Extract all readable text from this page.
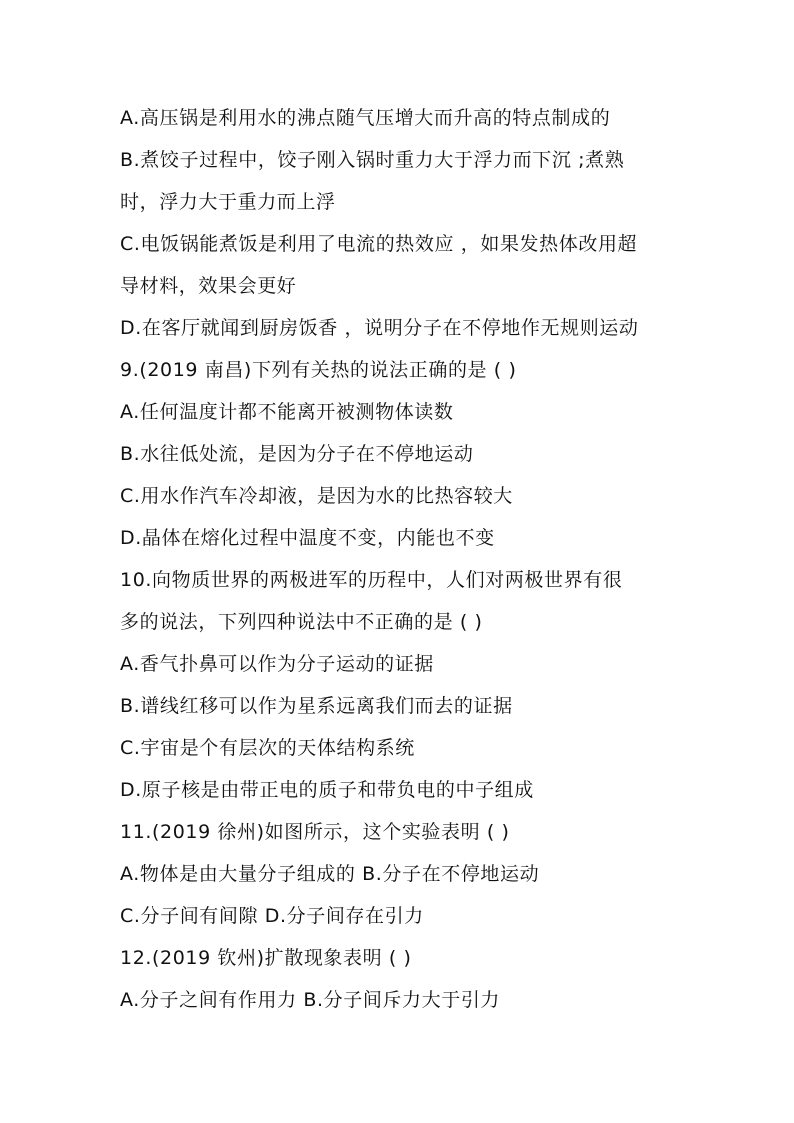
A.高压锅是利用水的沸点随气压增大而升高的特点制成的
B.煮饺子过程中，饺子刚入锅时重力大于浮力而下沉 ;煮熟
时，浮力大于重力而上浮
C.电饭锅能煮饭是利用了电流的热效应 ，如果发热体改用超
导材料，效果会更好
D.在客厅就闻到厨房饭香 ，说明分子在不停地作无规则运动
9.(2019 南昌)下列有关热的说法正确的是 ( )
A.任何温度计都不能离开被测物体读数
B.水往低处流，是因为分子在不停地运动
C.用水作汽车冷却液，是因为水的比热容较大
D.晶体在熔化过程中温度不变，内能也不变
10.向物质世界的两极进军的历程中，人们对两极世界有很
多的说法，下列四种说法中不正确的是 ( )
A.香气扑鼻可以作为分子运动的证据
B.谱线红移可以作为星系远离我们而去的证据
C.宇宙是个有层次的天体结构系统
D.原子核是由带正电的质子和带负电的中子组成
11.(2019 徐州)如图所示，这个实验表明 ( )
A.物体是由大量分子组成的 B.分子在不停地运动
C.分子间有间隙 D.分子间存在引力
12.(2019 钦州)扩散现象表明 ( )
A.分子之间有作用力 B.分子间斥力大于引力
